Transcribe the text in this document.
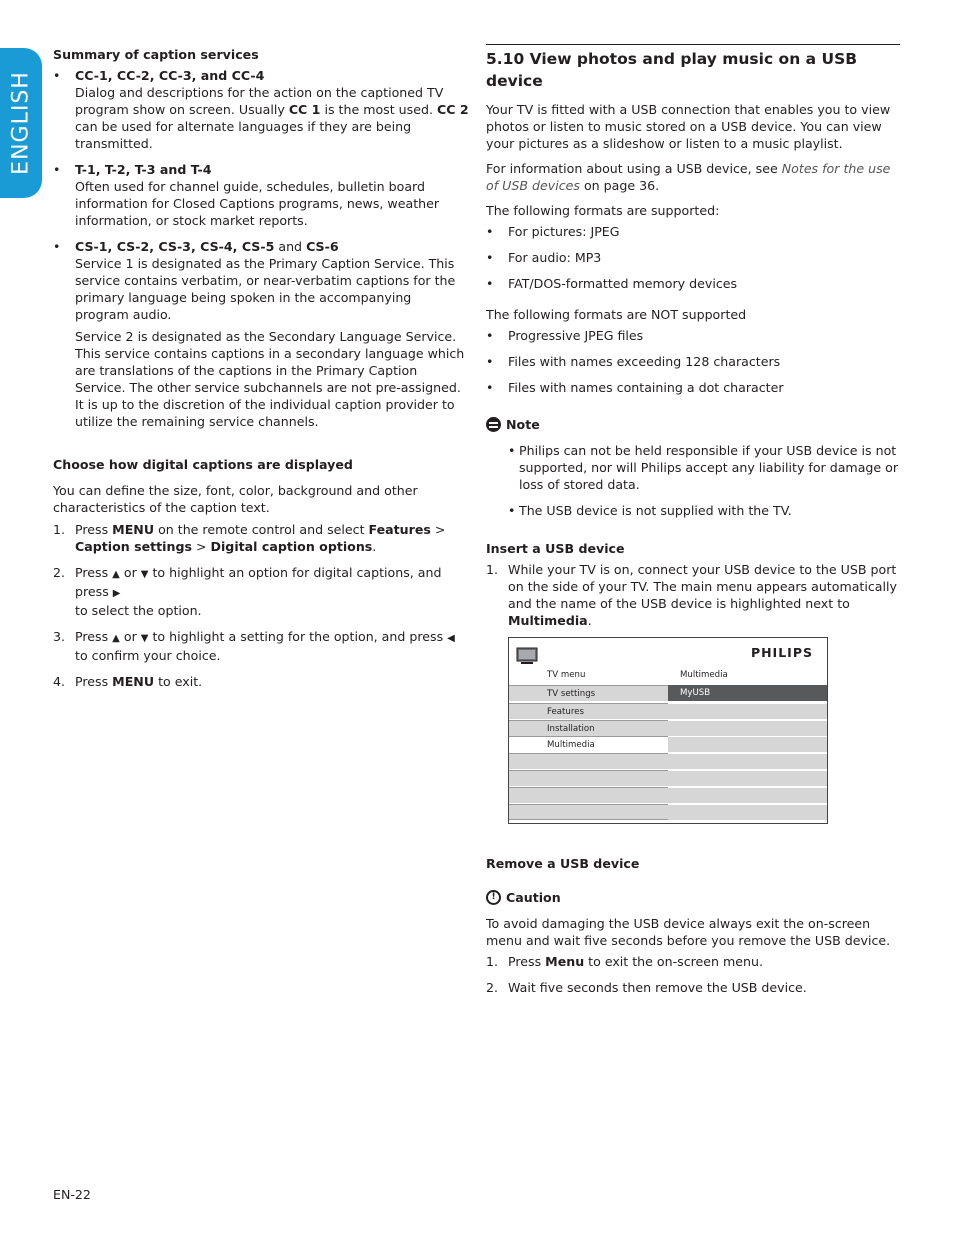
ENGLISH

Summary of caption services

• CC-1, CC-2, CC-3, and CC-4

Dialog and descriptions for the action on the captioned TV program show on screen. Usually CC 1 is the most used. CC 2 can be used for alternate languages if they are being transmitted.

• T-1, T-2, T-3 and T-4

Often used for channel guide, schedules, bulletin board information for Closed Captions programs, news, weather information, or stock market reports.

• CS-1, CS-2, CS-3, CS-4, CS-5 and CS-6

Service 1 is designated as the Primary Caption Service. This service contains verbatim, or near-verbatim captions for the primary language being spoken in the accompanying program audio.

Service 2 is designated as the Secondary Language Service. This service contains captions in a secondary language which are translations of the captions in the Primary Caption Service. The other service subchannels are not pre-assigned. It is up to the discretion of the individual caption provider to utilize the remaining service channels.

Choose how digital captions are displayed

You can define the size, font, color, background and other characteristics of the caption text.

1. Press MENU on the remote control and select Features > Caption settings > Digital caption options.
2. Press ▲ or ▼ to highlight an option for digital captions, and press ▶
to select the option.
3. Press ▲ or ▼ to highlight a setting for the option, and press ◀ to confirm your choice.
4. Press MENU to exit.
5.10 View photos and play music on a USB device

Your TV is fitted with a USB connection that enables you to view photos or listen to music stored on a USB device. You can view your pictures as a slideshow or listen to a music playlist.

For information about using a USB device, see Notes for the use of USB devices on page 36.

The following formats are supported:

• For pictures: JPEG
• For audio: MP3
• FAT/DOS-formatted memory devices

The following formats are NOT supported

• Progressive JPEG files
• Files with names exceeding 128 characters
• Files with names containing a dot character
Note
• Philips can not be held responsible if your USB device is not supported, nor will Philips accept any liability for damage or loss of stored data.
• The USB device is not supplied with the TV.

Insert a USB device

1. While your TV is on, connect your USB device to the USB port on the side of your TV. The main menu appears automatically and the name of the USB device is highlighted next to Multimedia.
PHILIPS
TV menu	Multimedia
TV settings	MyUSB
Features
Installation
Multimedia

Remove a USB device

! Caution

To avoid damaging the USB device always exit the on-screen menu and wait five seconds before you remove the USB device.

1. Press Menu to exit the on-screen menu.
2. Wait five seconds then remove the USB device.
EN-22
